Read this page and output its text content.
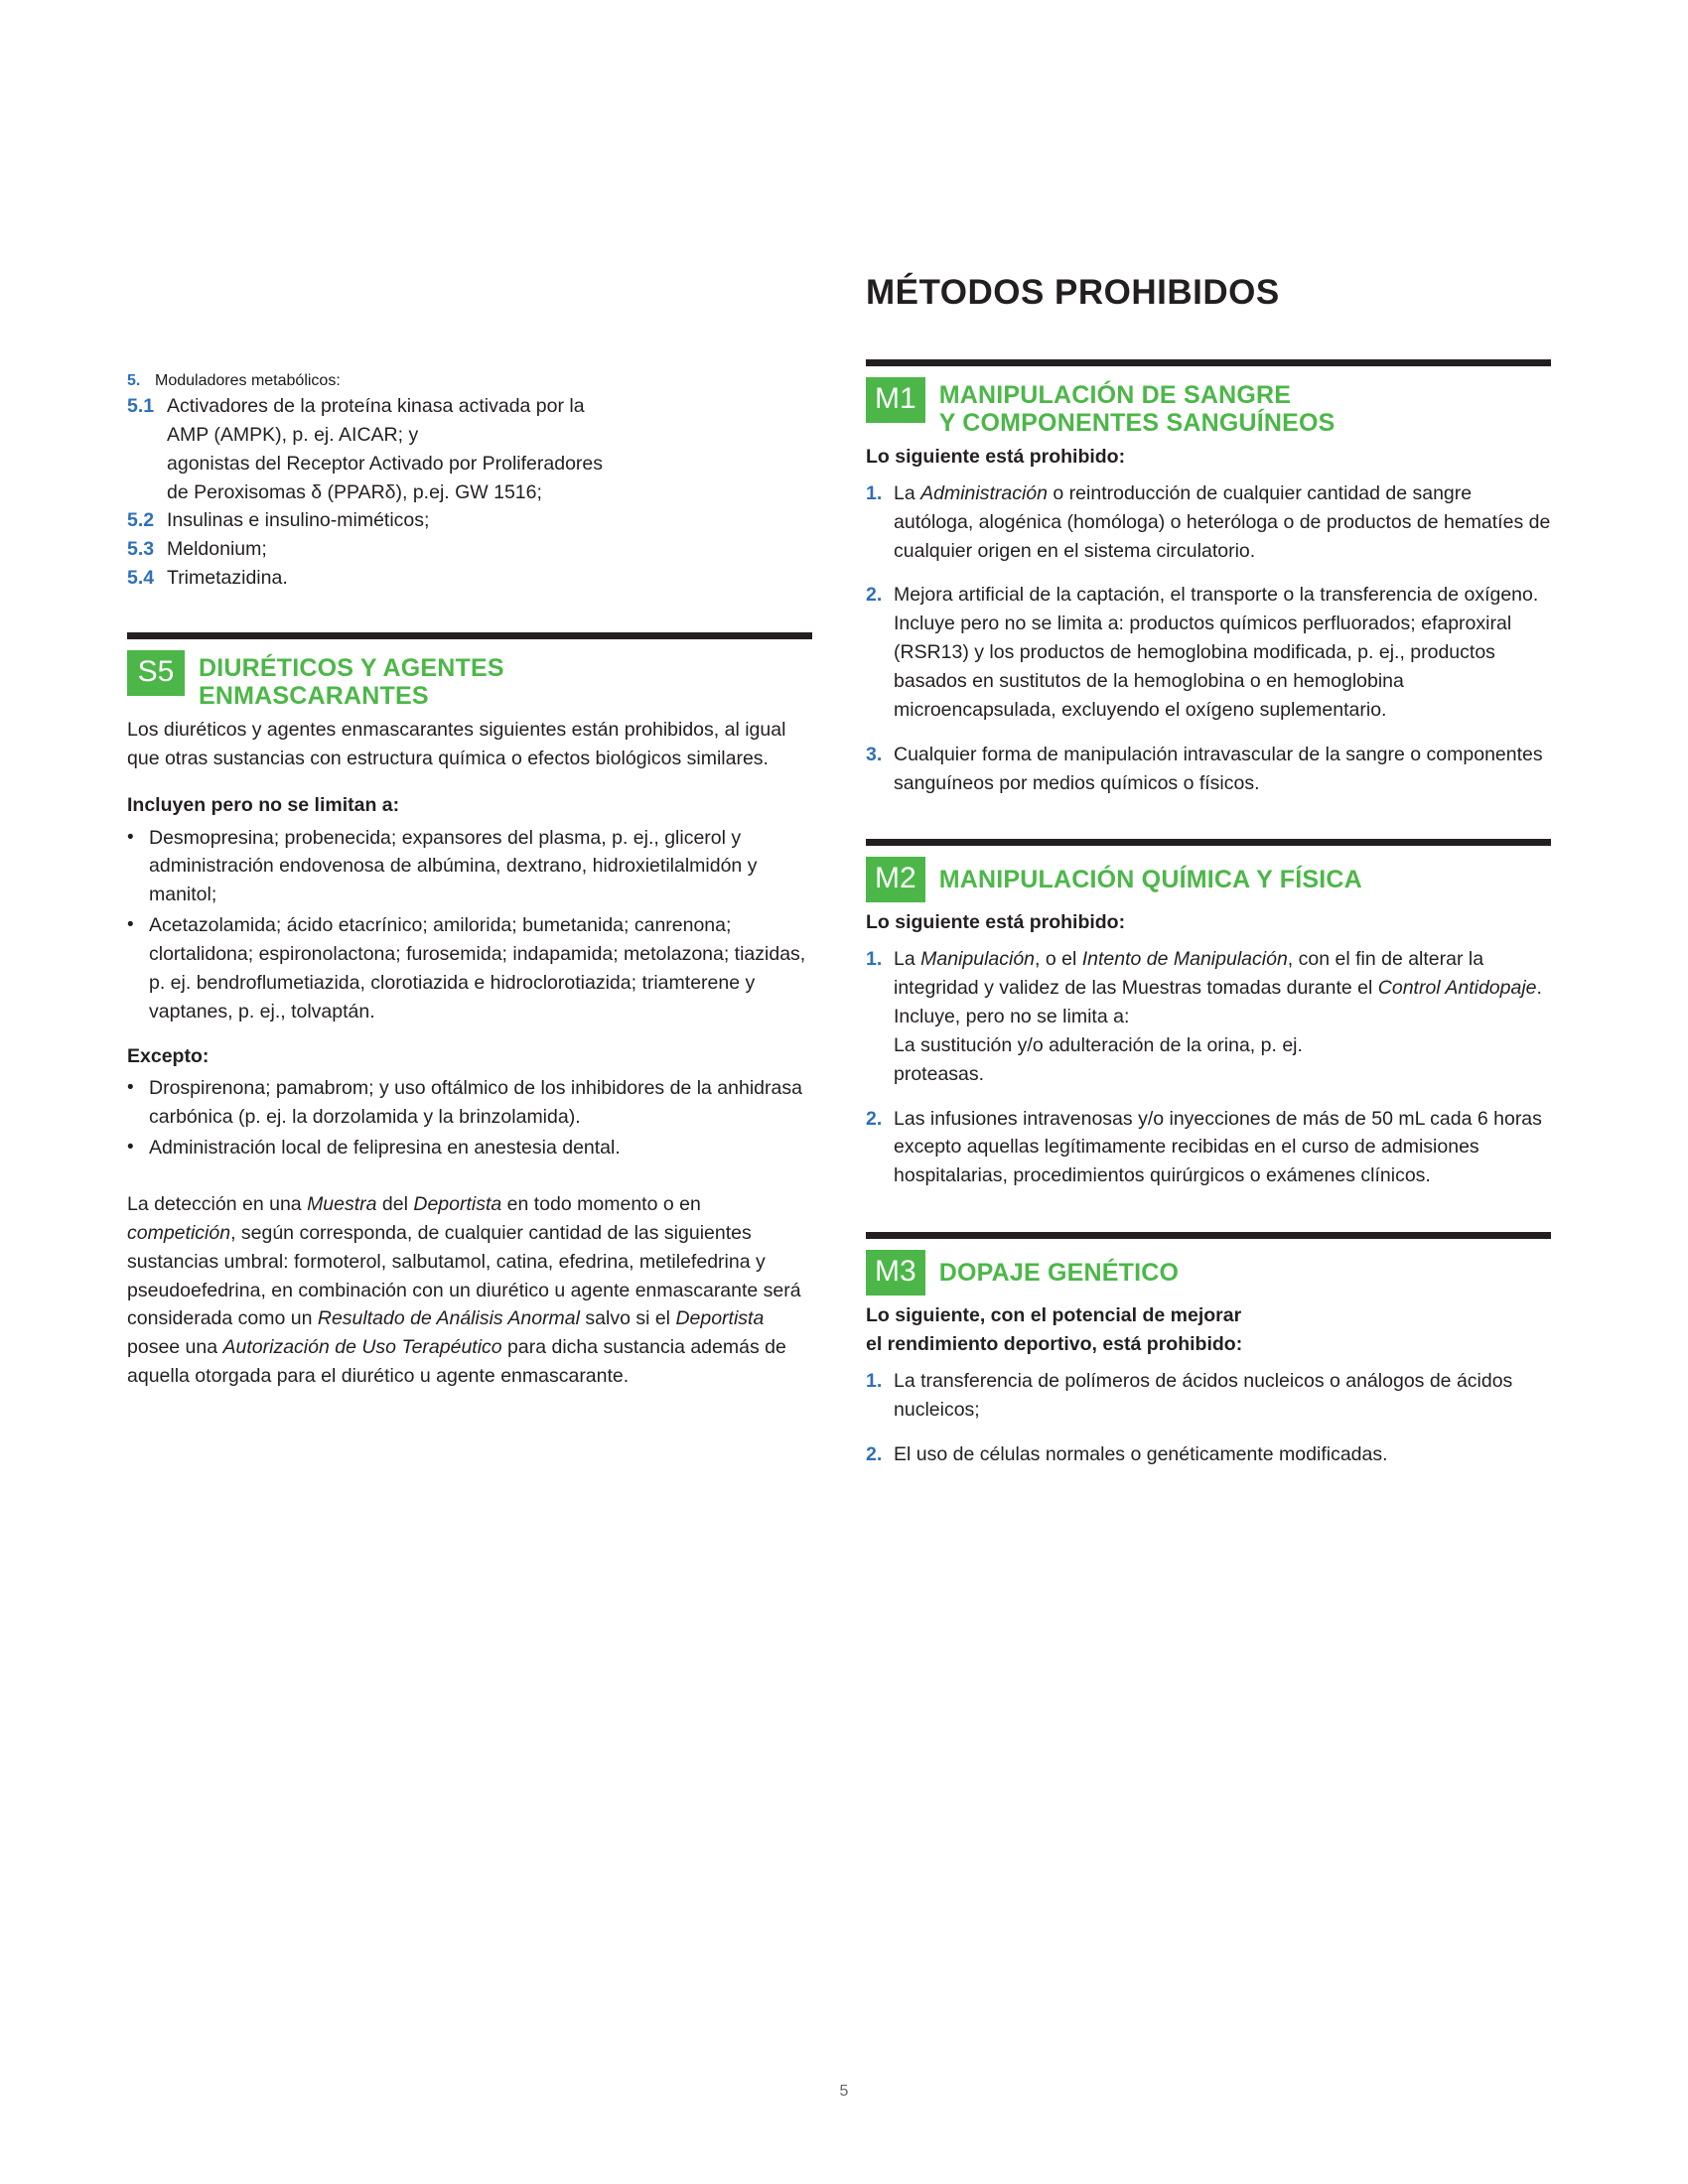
MÉTODOS PROHIBIDOS
5. Moduladores metabólicos:
5.1 Activadores de la proteína kinasa activada por la
AMP (AMPK), p. ej. AICAR; y
agonistas del Receptor Activado por Proliferadores
de Peroxisomas δ (PPARδ), p.ej. GW 1516;
5.2 Insulinas e insulino-miméticos;
5.3 Meldonium;
5.4 Trimetazidina.
S5 DIURÉTICOS Y AGENTES
ENMASCARANTES

Los diuréticos y agentes enmascarantes siguientes están prohibidos, al igual que otras sustancias con estructura química o efectos biológicos similares.

Incluyen pero no se limitan a:

• Desmopresina; probenecida; expansores del plasma, p. ej., glicerol y administración endovenosa de albúmina, dextrano, hidroxietilalmidón y manitol;
• Acetazolamida; ácido etacrínico; amilorida; bumetanida; canrenona; clortalidona; espironolactona; furosemida; indapamida; metolazona; tiazidas, p. ej. bendroflumetiazida, clorotiazida e hidroclorotiazida; triamterene y vaptanes, p. ej., tolvaptán.

Excepto:

• Drospirenona; pamabrom; y uso oftálmico de los inhibidores de la anhidrasa carbónica (p. ej. la dorzolamida y la brinzolamida).
• Administración local de felipresina en anestesia dental.

La detección en una Muestra del Deportista en todo momento o en competición, según corresponda, de cualquier cantidad de las siguientes sustancias umbral: formoterol, salbutamol, catina, efedrina, metilefedrina y pseudoefedrina, en combinación con un diurético u agente enmascarante será considerada como un Resultado de Análisis Anormal salvo si el Deportista posee una Autorización de Uso Terapéutico para dicha sustancia además de aquella otorgada para el diurético u agente enmascarante.

M1 MANIPULACIÓN DE SANGRE
Y COMPONENTES SANGUÍNEOS

Lo siguiente está prohibido:

1. La Administración o reintroducción de cualquier cantidad de sangre autóloga, alogénica (homóloga) o heteróloga o de productos de hematíes de cualquier origen en el sistema circulatorio.
2. Mejora artificial de la captación, el transporte o la transferencia de oxígeno. Incluye pero no se limita a: productos químicos perfluorados; efaproxiral (RSR13) y los productos de hemoglobina modificada, p. ej., productos basados en sustitutos de la hemoglobina o en hemoglobina microencapsulada, excluyendo el oxígeno suplementario.
3. Cualquier forma de manipulación intravascular de la sangre o componentes sanguíneos por medios químicos o físicos.
M2 MANIPULACIÓN QUÍMICA Y FÍSICA

Lo siguiente está prohibido:

1. La Manipulación, o el Intento de Manipulación, con el fin de alterar la integridad y validez de las Muestras tomadas durante el Control Antidopaje. Incluye, pero no se limita a:
La sustitución y/o adulteración de la orina, p. ej.
proteasas.
2. Las infusiones intravenosas y/o inyecciones de más de 50 mL cada 6 horas excepto aquellas legítimamente recibidas en el curso de admisiones hospitalarias, procedimientos quirúrgicos o exámenes clínicos.
M3 DOPAJE GENÉTICO

Lo siguiente, con el potencial de mejorar

el rendimiento deportivo, está prohibido:

1. La transferencia de polímeros de ácidos nucleicos o análogos de ácidos nucleicos;
2. El uso de células normales o genéticamente modificadas.
5
